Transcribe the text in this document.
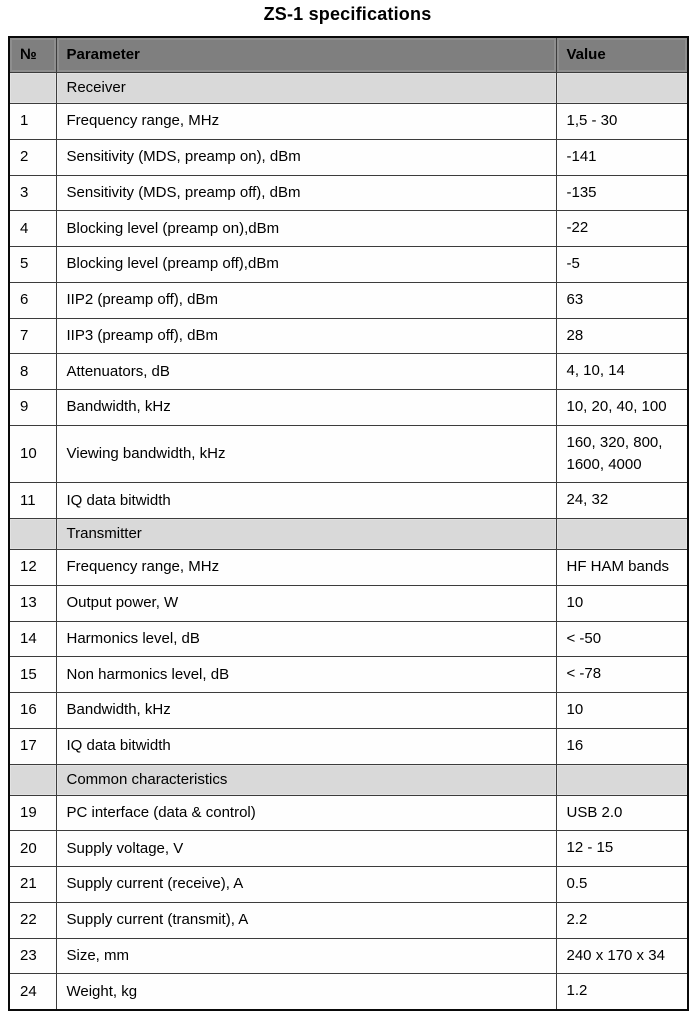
ZS-1 specifications
№	Parameter	Value
	Receiver	
1	Frequency range, MHz	1,5 - 30
2	Sensitivity (MDS, preamp on), dBm	-141
3	Sensitivity (MDS, preamp off), dBm	-135
4	Blocking level (preamp on),dBm	-22
5	Blocking level (preamp off),dBm	-5
6	IIP2 (preamp off), dBm	63
7	IIP3 (preamp off), dBm	28
8	Attenuators, dB	4, 10, 14
9	Bandwidth, kHz	10, 20, 40, 100
10	Viewing bandwidth, kHz	160, 320, 800, 1600, 4000
11	IQ data bitwidth	24, 32
	Transmitter	
12	Frequency range, MHz	HF HAM bands
13	Output power, W	10
14	Harmonics level, dB	< -50
15	Non harmonics level, dB	< -78
16	Bandwidth, kHz	10
17	IQ data bitwidth	16
	Common characteristics	
19	PC interface (data & control)	USB 2.0
20	Supply voltage, V	12 - 15
21	Supply current (receive), A	0.5
22	Supply current (transmit), A	2.2
23	Size, mm	240 x 170 x 34
24	Weight, kg	1.2
